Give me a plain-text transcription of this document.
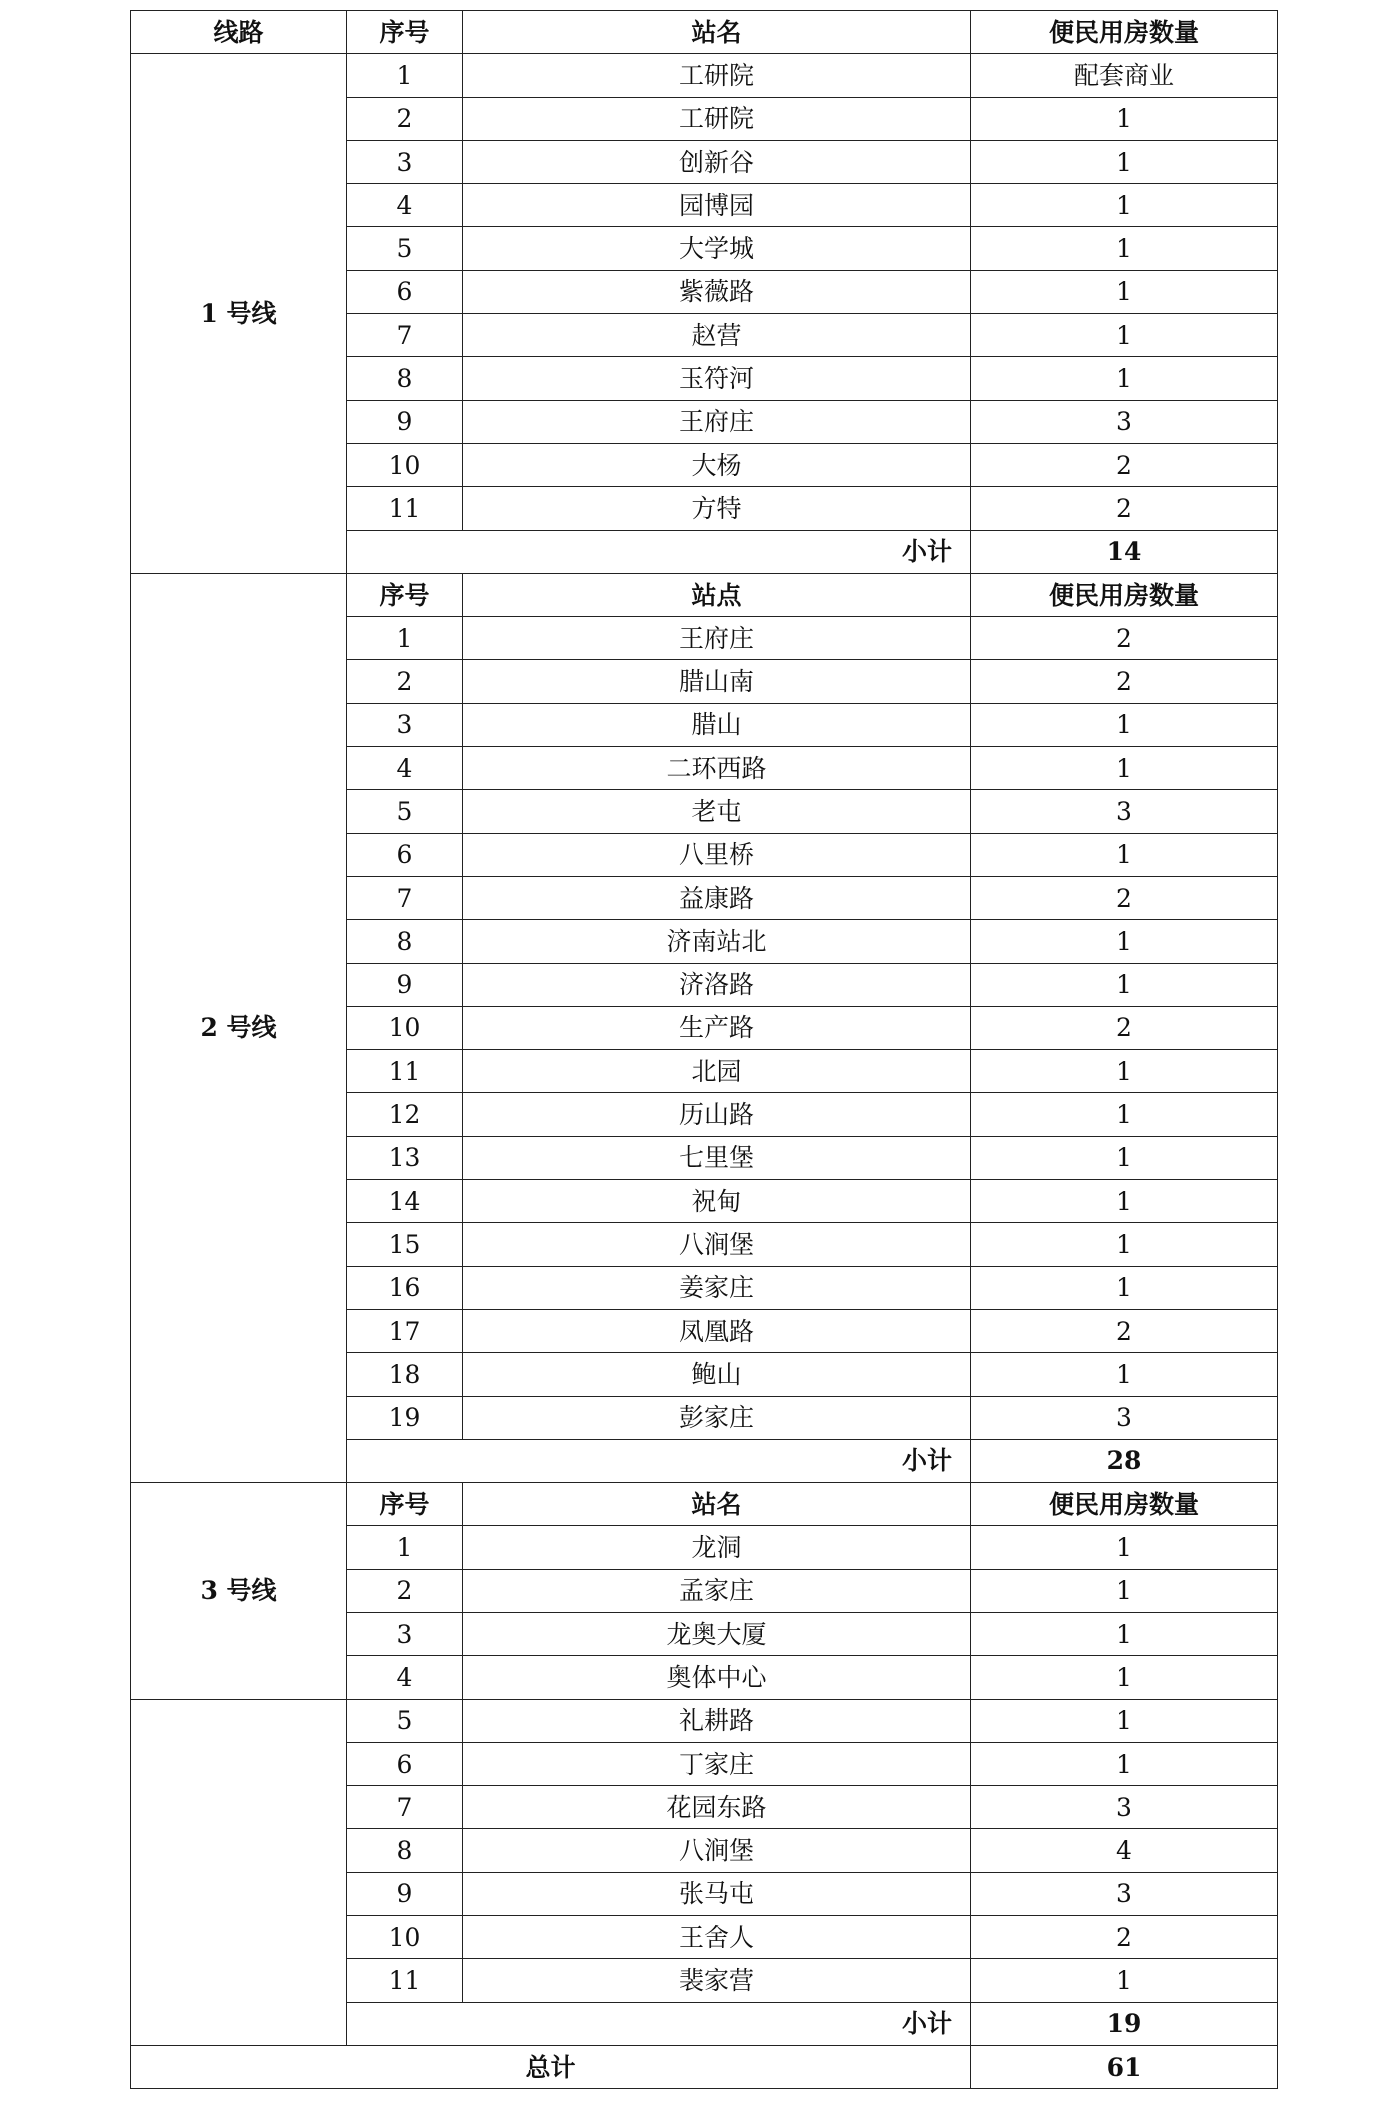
线路	序号	站名	便民用房数量
1 号线	1	工研院	配套商业
	2	工研院	1
	3	创新谷	1
	4	园博园	1
	5	大学城	1
	6	紫薇路	1
	7	赵营	1
	8	玉符河	1
	9	王府庄	3
	10	大杨	2
	11	方特	2
	小计		14
2 号线	序号	站点	便民用房数量
	1	王府庄	2
	2	腊山南	2
	3	腊山	1
	4	二环西路	1
	5	老屯	3
	6	八里桥	1
	7	益康路	2
	8	济南站北	1
	9	济洛路	1
	10	生产路	2
	11	北园	1
	12	历山路	1
	13	七里堡	1
	14	祝甸	1
	15	八涧堡	1
	16	姜家庄	1
	17	凤凰路	2
	18	鲍山	1
	19	彭家庄	3
	小计		28
3 号线	序号	站名	便民用房数量
	1	龙洞	1
	2	孟家庄	1
	3	龙奥大厦	1
	4	奥体中心	1
	5	礼耕路	1
	6	丁家庄	1
	7	花园东路	3
	8	八涧堡	4
	9	张马屯	3
	10	王舍人	2
	11	裴家营	1
	小计		19
总计			61
